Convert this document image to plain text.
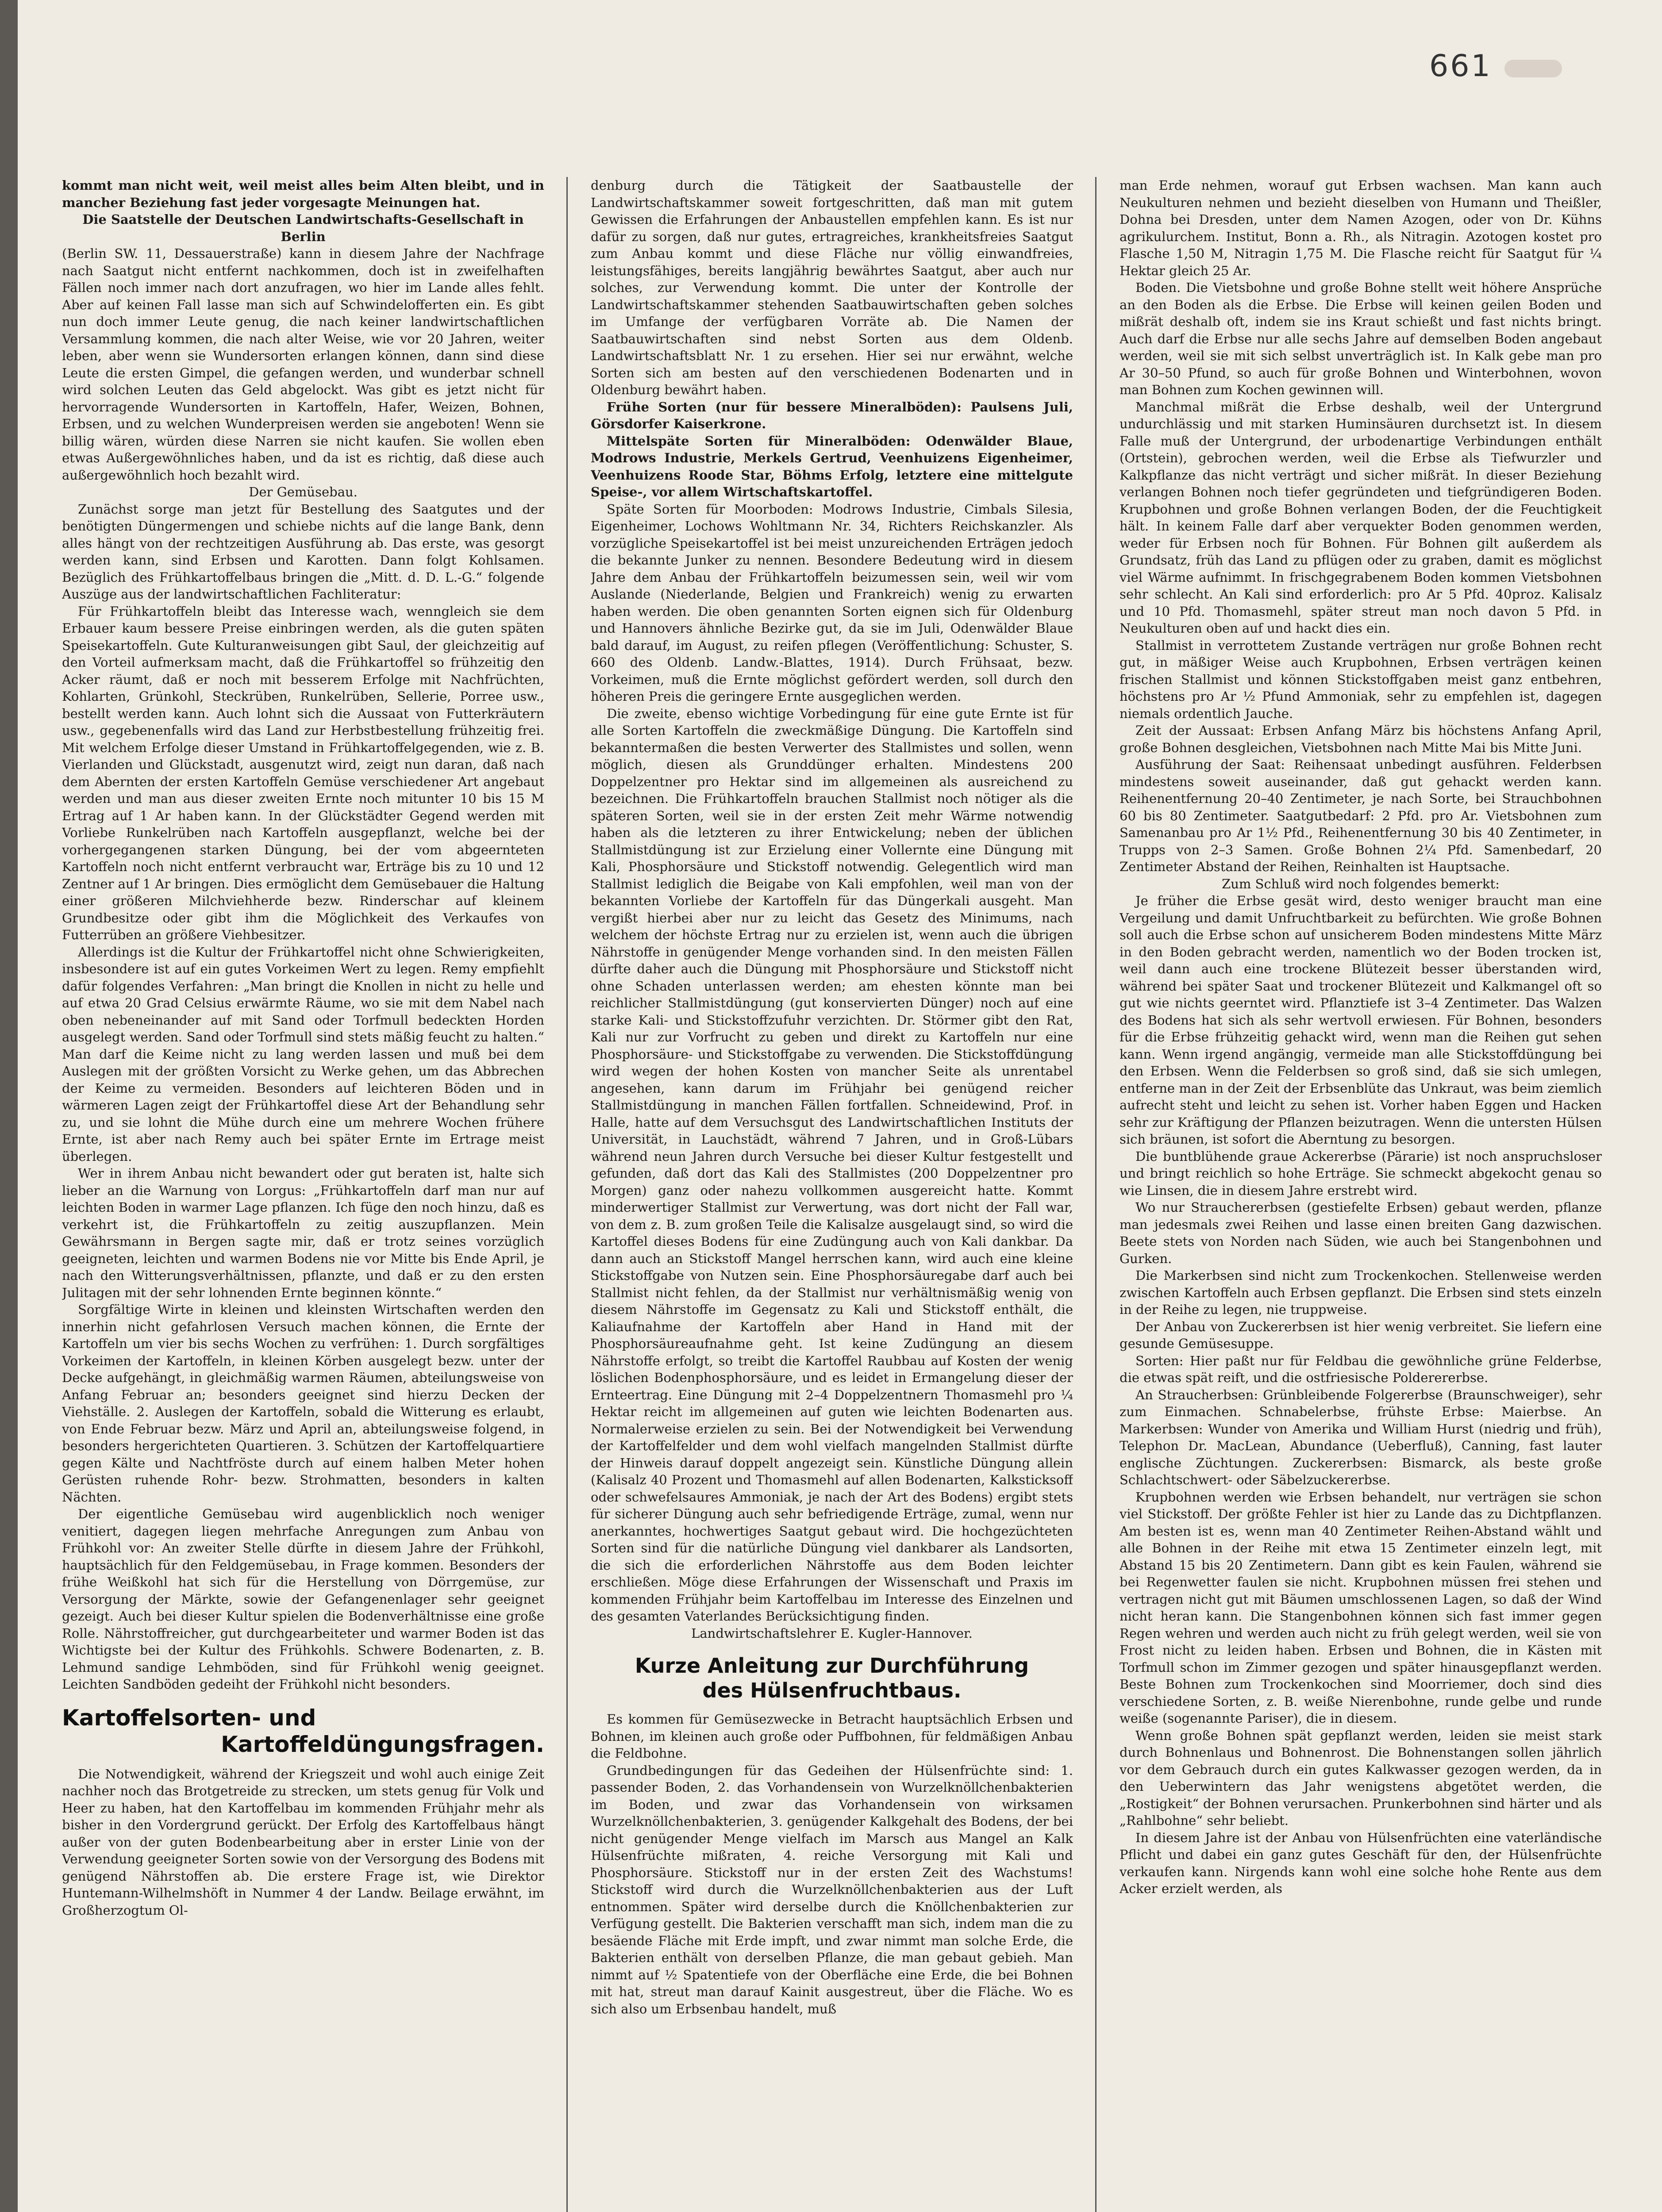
661

kommt man nicht weit, weil meist alles beim Alten bleibt, und in mancher Beziehung fast jeder vorgesagte Meinungen hat.

Die Saatstelle der Deutschen Landwirtschafts-Gesellschaft in Berlin

(Berlin SW. 11, Dessauerstraße) kann in diesem Jahre der Nachfrage nach Saatgut nicht entfernt nachkommen, doch ist in zweifelhaften Fällen noch immer nach dort anzufragen, wo hier im Lande alles fehlt. Aber auf keinen Fall lasse man sich auf Schwindelofferten ein. Es gibt nun doch immer Leute genug, die nach keiner landwirtschaftlichen Versammlung kommen, die nach alter Weise, wie vor 20 Jahren, weiter leben, aber wenn sie Wundersorten erlangen können, dann sind diese Leute die ersten Gimpel, die gefangen werden, und wunderbar schnell wird solchen Leuten das Geld abgelockt. Was gibt es jetzt nicht für hervorragende Wundersorten in Kartoffeln, Hafer, Weizen, Bohnen, Erbsen, und zu welchen Wunderpreisen werden sie angeboten! Wenn sie billig wären, würden diese Narren sie nicht kaufen. Sie wollen eben etwas Außergewöhnliches haben, und da ist es richtig, daß diese auch außergewöhnlich hoch bezahlt wird.

Der Gemüsebau.

Zunächst sorge man jetzt für Bestellung des Saatgutes und der benötigten Düngermengen und schiebe nichts auf die lange Bank, denn alles hängt von der rechtzeitigen Ausführung ab. Das erste, was gesorgt werden kann, sind Erbsen und Karotten. Dann folgt Kohlsamen. Bezüglich des Frühkartoffelbaus bringen die „Mitt. d. D. L.-G.“ folgende Auszüge aus der landwirtschaftlichen Fachliteratur:

Für Frühkartoffeln bleibt das Interesse wach, wenngleich sie dem Erbauer kaum bessere Preise einbringen werden, als die guten späten Speisekartoffeln. Gute Kulturanweisungen gibt Saul, der gleichzeitig auf den Vorteil aufmerksam macht, daß die Frühkartoffel so frühzeitig den Acker räumt, daß er noch mit besserem Erfolge mit Nachfrüchten, Kohlarten, Grünkohl, Steckrüben, Runkelrüben, Sellerie, Porree usw., bestellt werden kann. Auch lohnt sich die Aussaat von Futterkräutern usw., gegebenenfalls wird das Land zur Herbstbestellung frühzeitig frei. Mit welchem Erfolge dieser Umstand in Frühkartoffelgegenden, wie z. B. Vierlanden und Glückstadt, ausgenutzt wird, zeigt nun daran, daß nach dem Abernten der ersten Kartoffeln Gemüse verschiedener Art angebaut werden und man aus dieser zweiten Ernte noch mitunter 10 bis 15 M Ertrag auf 1 Ar haben kann. In der Glückstädter Gegend werden mit Vorliebe Runkelrüben nach Kartoffeln ausgepflanzt, welche bei der vorhergegangenen starken Düngung, bei der vom abgeernteten Kartoffeln noch nicht entfernt verbraucht war, Erträge bis zu 10 und 12 Zentner auf 1 Ar bringen. Dies ermöglicht dem Gemüsebauer die Haltung einer größeren Milchviehherde bezw. Rinderschar auf kleinem Grundbesitze oder gibt ihm die Möglichkeit des Verkaufes von Futterrüben an größere Viehbesitzer.

Allerdings ist die Kultur der Frühkartoffel nicht ohne Schwierigkeiten, insbesondere ist auf ein gutes Vorkeimen Wert zu legen. Remy empfiehlt dafür folgendes Verfahren: „Man bringt die Knollen in nicht zu helle und auf etwa 20 Grad Celsius erwärmte Räume, wo sie mit dem Nabel nach oben nebeneinander auf mit Sand oder Torfmull bedeckten Horden ausgelegt werden. Sand oder Torfmull sind stets mäßig feucht zu halten.“ Man darf die Keime nicht zu lang werden lassen und muß bei dem Auslegen mit der größten Vorsicht zu Werke gehen, um das Abbrechen der Keime zu vermeiden. Besonders auf leichteren Böden und in wärmeren Lagen zeigt der Frühkartoffel diese Art der Behandlung sehr zu, und sie lohnt die Mühe durch eine um mehrere Wochen frühere Ernte, ist aber nach Remy auch bei später Ernte im Ertrage meist überlegen.

Wer in ihrem Anbau nicht bewandert oder gut beraten ist, halte sich lieber an die Warnung von Lorgus: „Frühkartoffeln darf man nur auf leichten Boden in warmer Lage pflanzen. Ich füge den noch hinzu, daß es verkehrt ist, die Frühkartoffeln zu zeitig auszupflanzen. Mein Gewährsmann in Bergen sagte mir, daß er trotz seines vorzüglich geeigneten, leichten und warmen Bodens nie vor Mitte bis Ende April, je nach den Witterungsverhältnissen, pflanzte, und daß er zu den ersten Julitagen mit der sehr lohnenden Ernte beginnen könnte.“

Sorgfältige Wirte in kleinen und kleinsten Wirtschaften werden den innerhin nicht gefahrlosen Versuch machen können, die Ernte der Kartoffeln um vier bis sechs Wochen zu verfrühen: 1. Durch sorgfältiges Vorkeimen der Kartoffeln, in kleinen Körben ausgelegt bezw. unter der Decke aufgehängt, in gleichmäßig warmen Räumen, abteilungsweise von Anfang Februar an; besonders geeignet sind hierzu Decken der Viehställe. 2. Auslegen der Kartoffeln, sobald die Witterung es erlaubt, von Ende Februar bezw. März und April an, abteilungsweise folgend, in besonders hergerichteten Quartieren. 3. Schützen der Kartoffelquartiere gegen Kälte und Nachtfröste durch auf einem halben Meter hohen Gerüsten ruhende Rohr- bezw. Strohmatten, besonders in kalten Nächten.

Der eigentliche Gemüsebau wird augenblicklich noch weniger venitiert, dagegen liegen mehrfache Anregungen zum Anbau von Frühkohl vor: An zweiter Stelle dürfte in diesem Jahre der Frühkohl, hauptsächlich für den Feldgemüsebau, in Frage kommen. Besonders der frühe Weißkohl hat sich für die Herstellung von Dörrgemüse, zur Versorgung der Märkte, sowie der Gefangenenlager sehr geeignet gezeigt. Auch bei dieser Kultur spielen die Bodenverhältnisse eine große Rolle. Nährstoffreicher, gut durchgearbeiteter und warmer Boden ist das Wichtigste bei der Kultur des Frühkohls. Schwere Bodenarten, z. B. Lehmund sandige Lehmböden, sind für Frühkohl wenig geeignet. Leichten Sandböden gedeiht der Frühkohl nicht besonders.

Kartoffelsorten- und
Kartoffeldüngungsfragen.

Die Notwendigkeit, während der Kriegszeit und wohl auch einige Zeit nachher noch das Brotgetreide zu strecken, um stets genug für Volk und Heer zu haben, hat den Kartoffelbau im kommenden Frühjahr mehr als bisher in den Vordergrund gerückt. Der Erfolg des Kartoffelbaus hängt außer von der guten Bodenbearbeitung aber in erster Linie von der Verwendung geeigneter Sorten sowie von der Versorgung des Bodens mit genügend Nährstoffen ab. Die erstere Frage ist, wie Direktor Huntemann-Wilhelmshöft in Nummer 4 der Landw. Beilage erwähnt, im Großherzogtum Ol-

denburg durch die Tätigkeit der Saatbaustelle der Landwirtschaftskammer soweit fortgeschritten, daß man mit gutem Gewissen die Erfahrungen der Anbaustellen empfehlen kann. Es ist nur dafür zu sorgen, daß nur gutes, ertragreiches, krankheitsfreies Saatgut zum Anbau kommt und diese Fläche nur völlig einwandfreies, leistungsfähiges, bereits langjährig bewährtes Saatgut, aber auch nur solches, zur Verwendung kommt. Die unter der Kontrolle der Landwirtschaftskammer stehenden Saatbauwirtschaften geben solches im Umfange der verfügbaren Vorräte ab. Die Namen der Saatbauwirtschaften sind nebst Sorten aus dem Oldenb. Landwirtschaftsblatt Nr. 1 zu ersehen. Hier sei nur erwähnt, welche Sorten sich am besten auf den verschiedenen Bodenarten und in Oldenburg bewährt haben.

Frühe Sorten (nur für bessere Mineralböden): Paulsens Juli, Görsdorfer Kaiserkrone.

Mittelspäte Sorten für Mineralböden: Odenwälder Blaue, Modrows Industrie, Merkels Gertrud, Veenhuizens Eigenheimer, Veenhuizens Roode Star, Böhms Erfolg, letztere eine mittelgute Speise-, vor allem Wirtschaftskartoffel.

Späte Sorten für Moorboden: Modrows Industrie, Cimbals Silesia, Eigenheimer, Lochows Wohltmann Nr. 34, Richters Reichskanzler. Als vorzügliche Speisekartoffel ist bei meist unzureichenden Erträgen jedoch die bekannte Junker zu nennen. Besondere Bedeutung wird in diesem Jahre dem Anbau der Frühkartoffeln beizumessen sein, weil wir vom Auslande (Niederlande, Belgien und Frankreich) wenig zu erwarten haben werden. Die oben genannten Sorten eignen sich für Oldenburg und Hannovers ähnliche Bezirke gut, da sie im Juli, Odenwälder Blaue bald darauf, im August, zu reifen pflegen (Veröffentlichung: Schuster, S. 660 des Oldenb. Landw.-Blattes, 1914). Durch Frühsaat, bezw. Vorkeimen, muß die Ernte möglichst gefördert werden, soll durch den höheren Preis die geringere Ernte ausgeglichen werden.

Die zweite, ebenso wichtige Vorbedingung für eine gute Ernte ist für alle Sorten Kartoffeln die zweckmäßige Düngung. Die Kartoffeln sind bekanntermaßen die besten Verwerter des Stallmistes und sollen, wenn möglich, diesen als Grunddünger erhalten. Mindestens 200 Doppelzentner pro Hektar sind im allgemeinen als ausreichend zu bezeichnen. Die Frühkartoffeln brauchen Stallmist noch nötiger als die späteren Sorten, weil sie in der ersten Zeit mehr Wärme notwendig haben als die letzteren zu ihrer Entwickelung; neben der üblichen Stallmistdüngung ist zur Erzielung einer Vollernte eine Düngung mit Kali, Phosphorsäure und Stickstoff notwendig. Gelegentlich wird man Stallmist lediglich die Beigabe von Kali empfohlen, weil man von der bekannten Vorliebe der Kartoffeln für das Düngerkali ausgeht. Man vergißt hierbei aber nur zu leicht das Gesetz des Minimums, nach welchem der höchste Ertrag nur zu erzielen ist, wenn auch die übrigen Nährstoffe in genügender Menge vorhanden sind. In den meisten Fällen dürfte daher auch die Düngung mit Phosphorsäure und Stickstoff nicht ohne Schaden unterlassen werden; am ehesten könnte man bei reichlicher Stallmistdüngung (gut konservierten Dünger) noch auf eine starke Kali- und Stickstoffzufuhr verzichten. Dr. Störmer gibt den Rat, Kali nur zur Vorfrucht zu geben und direkt zu Kartoffeln nur eine Phosphorsäure- und Stickstoffgabe zu verwenden. Die Stickstoffdüngung wird wegen der hohen Kosten von mancher Seite als unrentabel angesehen, kann darum im Frühjahr bei genügend reicher Stallmistdüngung in manchen Fällen fortfallen. Schneidewind, Prof. in Halle, hatte auf dem Versuchsgut des Landwirtschaftlichen Instituts der Universität, in Lauchstädt, während 7 Jahren, und in Groß-Lübars während neun Jahren durch Versuche bei dieser Kultur festgestellt und gefunden, daß dort das Kali des Stallmistes (200 Doppelzentner pro Morgen) ganz oder nahezu vollkommen ausgereicht hatte. Kommt minderwertiger Stallmist zur Verwertung, was dort nicht der Fall war, von dem z. B. zum großen Teile die Kalisalze ausgelaugt sind, so wird die Kartoffel dieses Bodens für eine Zudüngung auch von Kali dankbar. Da dann auch an Stickstoff Mangel herrschen kann, wird auch eine kleine Stickstoffgabe von Nutzen sein. Eine Phosphorsäuregabe darf auch bei Stallmist nicht fehlen, da der Stallmist nur verhältnismäßig wenig von diesem Nährstoffe im Gegensatz zu Kali und Stickstoff enthält, die Kaliaufnahme der Kartoffeln aber Hand in Hand mit der Phosphorsäureaufnahme geht. Ist keine Zudüngung an diesem Nährstoffe erfolgt, so treibt die Kartoffel Raubbau auf Kosten der wenig löslichen Bodenphosphorsäure, und es leidet in Ermangelung dieser der Ernteertrag. Eine Düngung mit 2–4 Doppelzentnern Thomasmehl pro ¼ Hektar reicht im allgemeinen auf guten wie leichten Bodenarten aus. Normalerweise erzielen zu sein. Bei der Notwendigkeit bei Verwendung der Kartoffelfelder und dem wohl vielfach mangelnden Stallmist dürfte der Hinweis darauf doppelt angezeigt sein. Künstliche Düngung allein (Kalisalz 40 Prozent und Thomasmehl auf allen Bodenarten, Kalksticksoff oder schwefelsaures Ammoniak, je nach der Art des Bodens) ergibt stets für sicherer Düngung auch sehr befriedigende Erträge, zumal, wenn nur anerkanntes, hochwertiges Saatgut gebaut wird. Die hochgezüchteten Sorten sind für die natürliche Düngung viel dankbarer als Landsorten, die sich die erforderlichen Nährstoffe aus dem Boden leichter erschließen. Möge diese Erfahrungen der Wissenschaft und Praxis im kommenden Frühjahr beim Kartoffelbau im Interesse des Einzelnen und des gesamten Vaterlandes Berücksichtigung finden.

Landwirtschaftslehrer E. Kugler-Hannover.

Kurze Anleitung zur Durchführung
des Hülsenfruchtbaus.

Es kommen für Gemüsezwecke in Betracht hauptsächlich Erbsen und Bohnen, im kleinen auch große oder Puffbohnen, für feldmäßigen Anbau die Feldbohne.

Grundbedingungen für das Gedeihen der Hülsenfrüchte sind: 1. passender Boden, 2. das Vorhandensein von Wurzelknöllchenbakterien im Boden, und zwar das Vorhandensein von wirksamen Wurzelknöllchenbakterien, 3. genügender Kalkgehalt des Bodens, der bei nicht genügender Menge vielfach im Marsch aus Mangel an Kalk Hülsenfrüchte mißraten, 4. reiche Versorgung mit Kali und Phosphorsäure. Stickstoff nur in der ersten Zeit des Wachstums! Stickstoff wird durch die Wurzelknöllchenbakterien aus der Luft entnommen. Später wird derselbe durch die Knöllchenbakterien zur Verfügung gestellt. Die Bakterien verschafft man sich, indem man die zu besäende Fläche mit Erde impft, und zwar nimmt man solche Erde, die Bakterien enthält von derselben Pflanze, die man gebaut gebieh. Man nimmt auf ½ Spatentiefe von der Oberfläche eine Erde, die bei Bohnen mit hat, streut man darauf Kainit ausgestreut, über die Fläche. Wo es sich also um Erbsenbau handelt, muß

man Erde nehmen, worauf gut Erbsen wachsen. Man kann auch Neukulturen nehmen und bezieht dieselben von Humann und Theißler, Dohna bei Dresden, unter dem Namen Azogen, oder von Dr. Kühns agrikulurchem. Institut, Bonn a. Rh., als Nitragin. Azotogen kostet pro Flasche 1,50 M, Nitragin 1,75 M. Die Flasche reicht für Saatgut für ¼ Hektar gleich 25 Ar.

Boden. Die Vietsbohne und große Bohne stellt weit höhere Ansprüche an den Boden als die Erbse. Die Erbse will keinen geilen Boden und mißrät deshalb oft, indem sie ins Kraut schießt und fast nichts bringt. Auch darf die Erbse nur alle sechs Jahre auf demselben Boden angebaut werden, weil sie mit sich selbst unverträglich ist. In Kalk gebe man pro Ar 30–50 Pfund, so auch für große Bohnen und Winterbohnen, wovon man Bohnen zum Kochen gewinnen will.

Manchmal mißrät die Erbse deshalb, weil der Untergrund undurchlässig und mit starken Huminsäuren durchsetzt ist. In diesem Falle muß der Untergrund, der urbodenartige Verbindungen enthält (Ortstein), gebrochen werden, weil die Erbse als Tiefwurzler und Kalkpflanze das nicht verträgt und sicher mißrät. In dieser Beziehung verlangen Bohnen noch tiefer gegründeten und tiefgründigeren Boden. Krupbohnen und große Bohnen verlangen Boden, der die Feuchtigkeit hält. In keinem Falle darf aber verquekter Boden genommen werden, weder für Erbsen noch für Bohnen. Für Bohnen gilt außerdem als Grundsatz, früh das Land zu pflügen oder zu graben, damit es möglichst viel Wärme aufnimmt. In frischgegrabenem Boden kommen Vietsbohnen sehr schlecht. An Kali sind erforderlich: pro Ar 5 Pfd. 40proz. Kalisalz und 10 Pfd. Thomasmehl, später streut man noch davon 5 Pfd. in Neukulturen oben auf und hackt dies ein.

Stallmist in verrottetem Zustande verträgen nur große Bohnen recht gut, in mäßiger Weise auch Krupbohnen, Erbsen verträgen keinen frischen Stallmist und können Stickstoffgaben meist ganz entbehren, höchstens pro Ar ½ Pfund Ammoniak, sehr zu empfehlen ist, dagegen niemals ordentlich Jauche.

Zeit der Aussaat: Erbsen Anfang März bis höchstens Anfang April, große Bohnen desgleichen, Vietsbohnen nach Mitte Mai bis Mitte Juni.

Ausführung der Saat: Reihensaat unbedingt ausführen. Felderbsen mindestens soweit auseinander, daß gut gehackt werden kann. Reihenentfernung 20–40 Zentimeter, je nach Sorte, bei Strauchbohnen 60 bis 80 Zentimeter. Saatgutbedarf: 2 Pfd. pro Ar. Vietsbohnen zum Samenanbau pro Ar 1½ Pfd., Reihenentfernung 30 bis 40 Zentimeter, in Trupps von 2–3 Samen. Große Bohnen 2¼ Pfd. Samenbedarf, 20 Zentimeter Abstand der Reihen, Reinhalten ist Hauptsache.

Zum Schluß wird noch folgendes bemerkt:

Je früher die Erbse gesät wird, desto weniger braucht man eine Vergeilung und damit Unfruchtbarkeit zu befürchten. Wie große Bohnen soll auch die Erbse schon auf unsicherem Boden mindestens Mitte März in den Boden gebracht werden, namentlich wo der Boden trocken ist, weil dann auch eine trockene Blütezeit besser überstanden wird, während bei später Saat und trockener Blütezeit und Kalkmangel oft so gut wie nichts geerntet wird. Pflanztiefe ist 3–4 Zentimeter. Das Walzen des Bodens hat sich als sehr wertvoll erwiesen. Für Bohnen, besonders für die Erbse frühzeitig gehackt wird, wenn man die Reihen gut sehen kann. Wenn irgend angängig, vermeide man alle Stickstoffdüngung bei den Erbsen. Wenn die Felderbsen so groß sind, daß sie sich umlegen, entferne man in der Zeit der Erbsenblüte das Unkraut, was beim ziemlich aufrecht steht und leicht zu sehen ist. Vorher haben Eggen und Hacken sehr zur Kräftigung der Pflanzen beizutragen. Wenn die untersten Hülsen sich bräunen, ist sofort die Aberntung zu besorgen.

Die buntblühende graue Ackererbse (Pärarie) ist noch anspruchsloser und bringt reichlich so hohe Erträge. Sie schmeckt abgekocht genau so wie Linsen, die in diesem Jahre erstrebt wird.

Wo nur Strauchererbsen (gestiefelte Erbsen) gebaut werden, pflanze man jedesmals zwei Reihen und lasse einen breiten Gang dazwischen. Beete stets von Norden nach Süden, wie auch bei Stangenbohnen und Gurken.

Die Markerbsen sind nicht zum Trockenkochen. Stellenweise werden zwischen Kartoffeln auch Erbsen gepflanzt. Die Erbsen sind stets einzeln in der Reihe zu legen, nie truppweise.

Der Anbau von Zuckererbsen ist hier wenig verbreitet. Sie liefern eine gesunde Gemüsesuppe.

Sorten: Hier paßt nur für Feldbau die gewöhnliche grüne Felderbse, die etwas spät reift, und die ostfriesische Polderererbse.

An Straucherbsen: Grünbleibende Folgererbse (Braunschweiger), sehr zum Einmachen. Schnabelerbse, frühste Erbse: Maierbse. An Markerbsen: Wunder von Amerika und William Hurst (niedrig und früh), Telephon Dr. MacLean, Abundance (Ueberfluß), Canning, fast lauter englische Züchtungen. Zuckererbsen: Bismarck, als beste große Schlachtschwert- oder Säbelzuckererbse.

Krupbohnen werden wie Erbsen behandelt, nur verträgen sie schon viel Stickstoff. Der größte Fehler ist hier zu Lande das zu Dichtpflanzen. Am besten ist es, wenn man 40 Zentimeter Reihen-Abstand wählt und alle Bohnen in der Reihe mit etwa 15 Zentimeter einzeln legt, mit Abstand 15 bis 20 Zentimetern. Dann gibt es kein Faulen, während sie bei Regenwetter faulen sie nicht. Krupbohnen müssen frei stehen und vertragen nicht gut mit Bäumen umschlossenen Lagen, so daß der Wind nicht heran kann. Die Stangenbohnen können sich fast immer gegen Regen wehren und werden auch nicht zu früh gelegt werden, weil sie von Frost nicht zu leiden haben. Erbsen und Bohnen, die in Kästen mit Torfmull schon im Zimmer gezogen und später hinausgepflanzt werden. Beste Bohnen zum Trockenkochen sind Moorriemer, doch sind dies verschiedene Sorten, z. B. weiße Nierenbohne, runde gelbe und runde weiße (sogenannte Pariser), die in diesem.

Wenn große Bohnen spät gepflanzt werden, leiden sie meist stark durch Bohnenlaus und Bohnenrost. Die Bohnenstangen sollen jährlich vor dem Gebrauch durch ein gutes Kalkwasser gezogen werden, da in den Ueberwintern das Jahr wenigstens abgetötet werden, die „Rostigkeit“ der Bohnen verursachen. Prunkerbohnen sind härter und als „Rahlbohne“ sehr beliebt.

In diesem Jahre ist der Anbau von Hülsenfrüchten eine vaterländische Pflicht und dabei ein ganz gutes Geschäft für den, der Hülsenfrüchte verkaufen kann. Nirgends kann wohl eine solche hohe Rente aus dem Acker erzielt werden, als
